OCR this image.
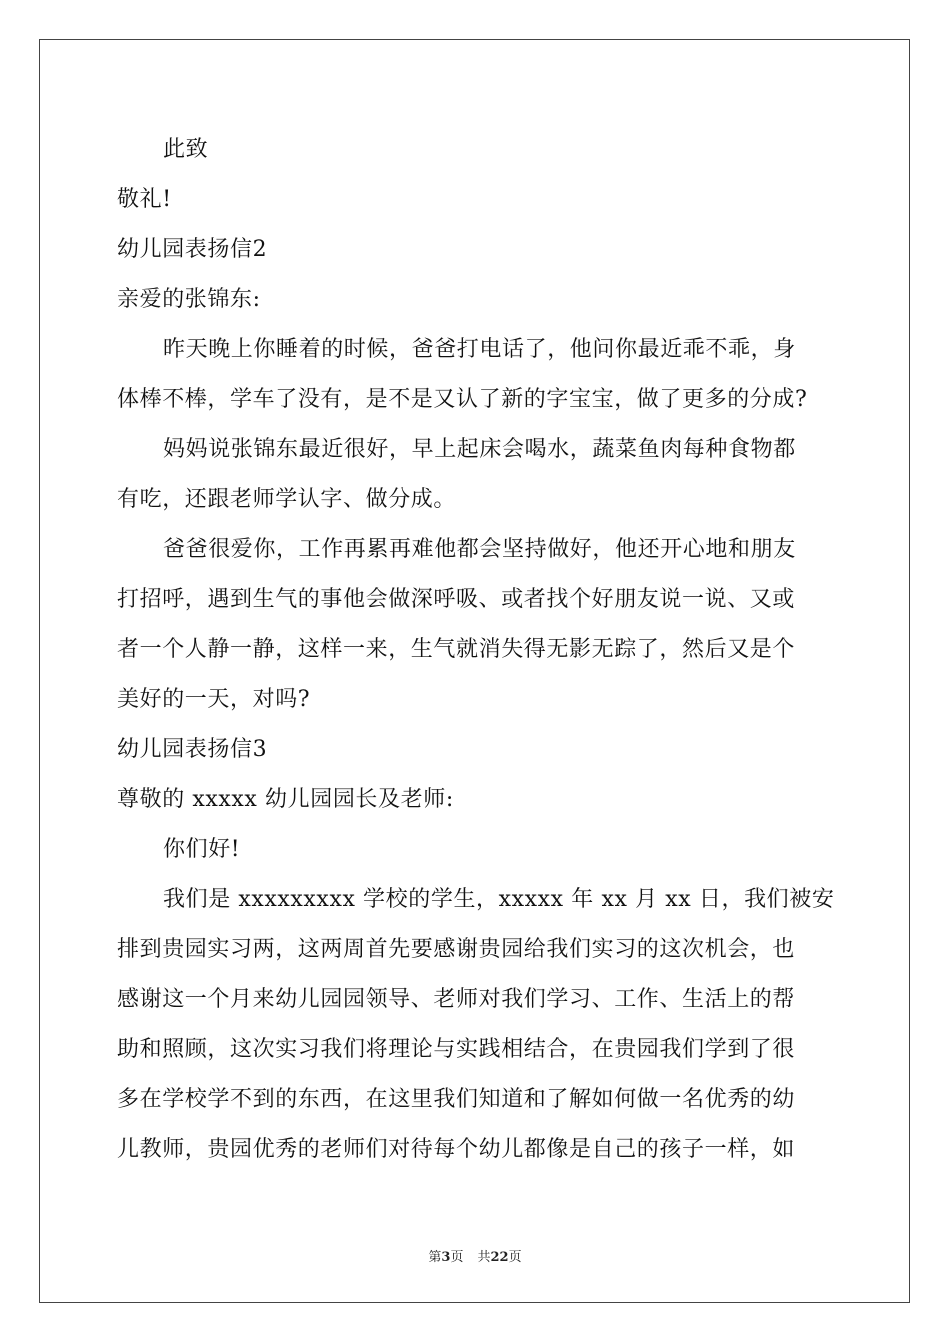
此致
敬礼!
幼儿园表扬信2
亲爱的张锦东:
昨天晚上你睡着的时候，爸爸打电话了，他问你最近乖不乖，身
体棒不棒，学车了没有，是不是又认了新的字宝宝，做了更多的分成?
妈妈说张锦东最近很好，早上起床会喝水，蔬菜鱼肉每种食物都
有吃，还跟老师学认字、做分成。
爸爸很爱你，工作再累再难他都会坚持做好，他还开心地和朋友
打招呼，遇到生气的事他会做深呼吸、或者找个好朋友说一说、又或
者一个人静一静，这样一来，生气就消失得无影无踪了，然后又是个
美好的一天，对吗?
幼儿园表扬信3
尊敬的 xxxxx 幼儿园园长及老师:
你们好!
我们是 xxxxxxxxx 学校的学生，xxxxx 年 xx 月 xx 日，我们被安
排到贵园实习两，这两周首先要感谢贵园给我们实习的这次机会，也
感谢这一个月来幼儿园园领导、老师对我们学习、工作、生活上的帮
助和照顾，这次实习我们将理论与实践相结合，在贵园我们学到了很
多在学校学不到的东西，在这里我们知道和了解如何做一名优秀的幼
儿教师，贵园优秀的老师们对待每个幼儿都像是自己的孩子一样，如
第3页 共22页
